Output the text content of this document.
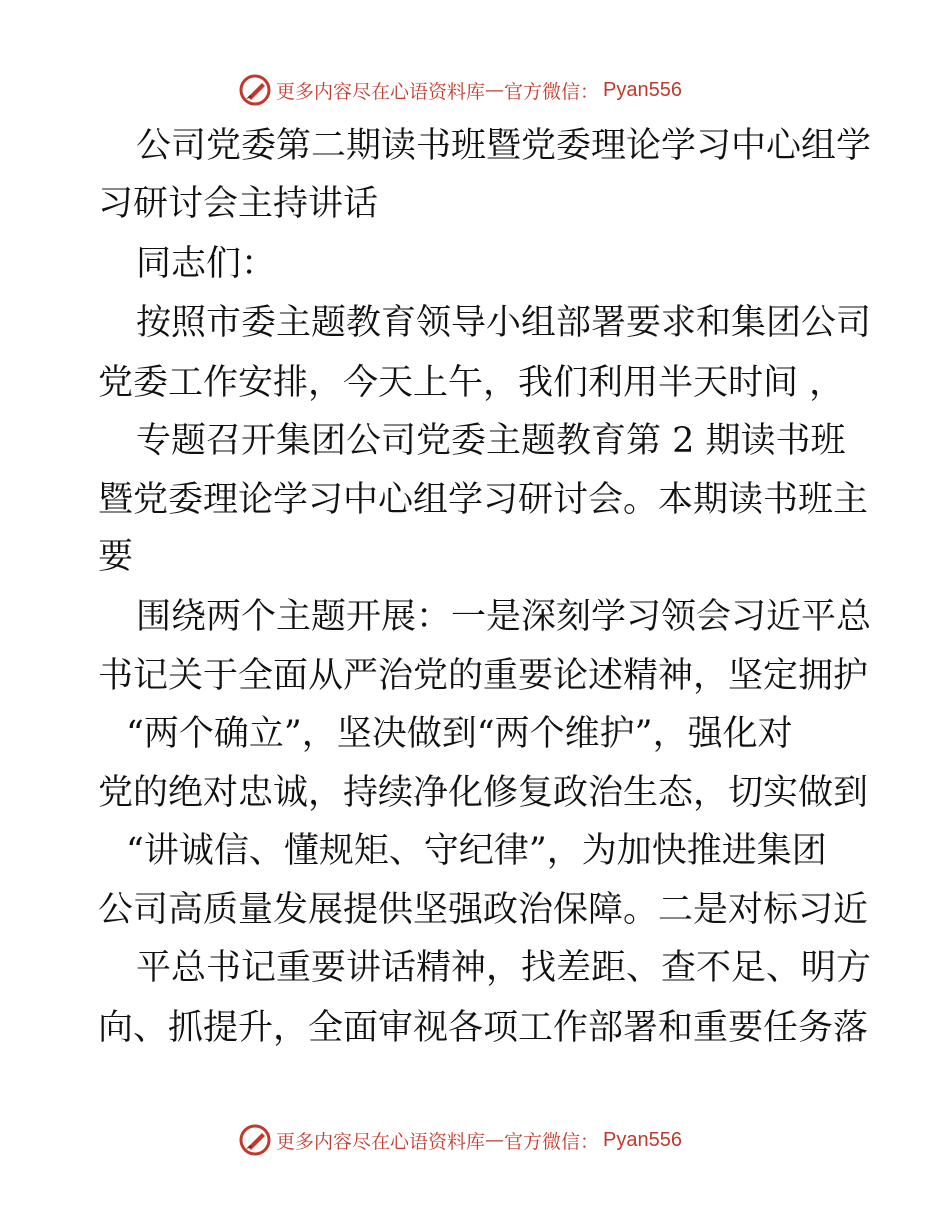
更多内容尽在心语资料库 — 官方微信： Pyan556
公司党委第二期读书班暨党委理论学习中心组学
习研讨会主持讲话
同志们：
按照市委主题教育领导小组部署要求和集团公司
党委工作安排，今天上午，我们利用半天时间 ，
专题召开集团公司党委主题教育第 2 期读书班
暨党委理论学习中心组学习研讨会。本期读书班主
要
围绕两个主题开展：一是深刻学习领会习近平总
书记关于全面从严治党的重要论述精神，坚定拥护
“两个确立”，坚决做到“两个维护”，强化对
党的绝对忠诚，持续净化修复政治生态，切实做到
“讲诚信、懂规矩、守纪律”，为加快推进集团
公司高质量发展提供坚强政治保障。二是对标习近
平总书记重要讲话精神，找差距、查不足、明方
向、抓提升，全面审视各项工作部署和重要任务落
更多内容尽在心语资料库 — 官方微信： Pyan556
